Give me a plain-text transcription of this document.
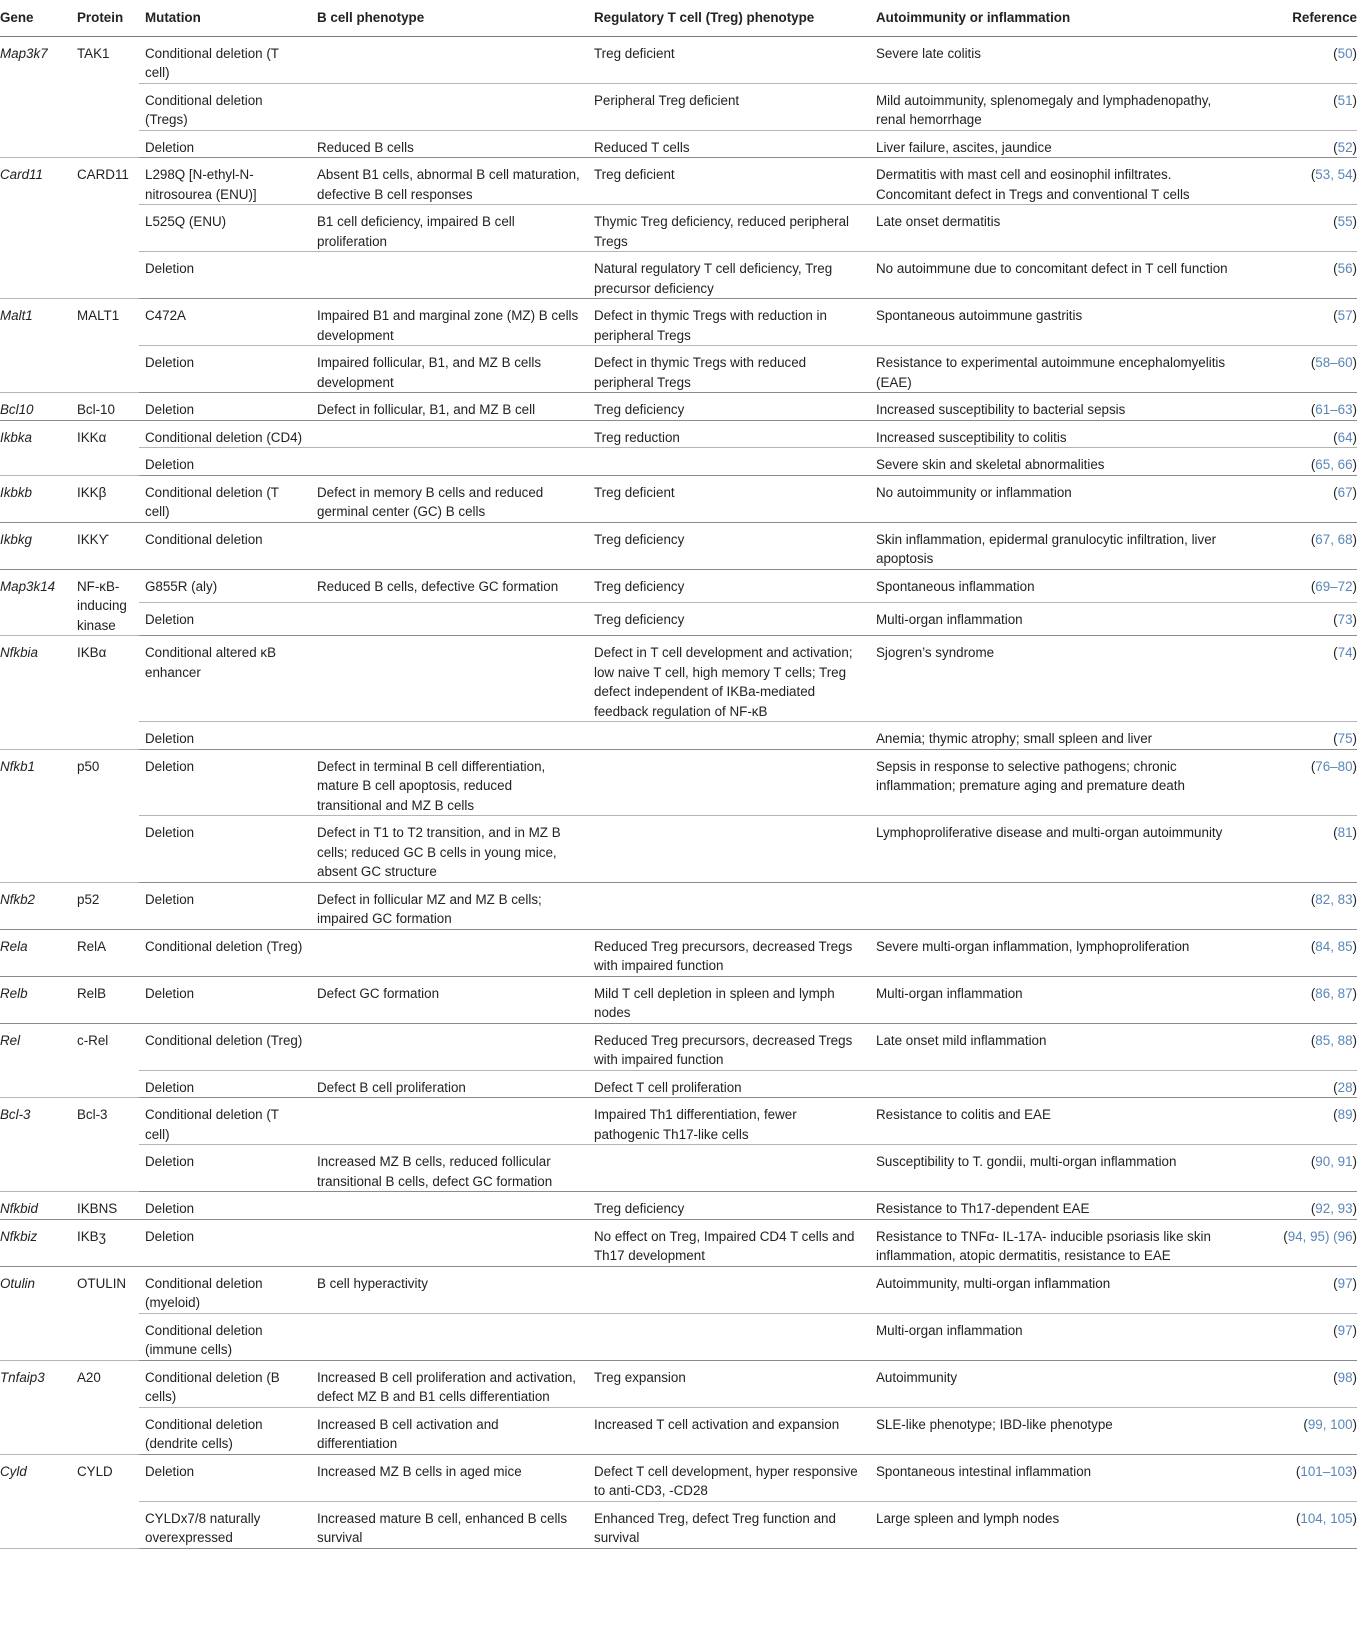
Gene	Protein	Mutation	B cell phenotype	Regulatory T cell (Treg) phenotype	Autoimmunity or inflammation	Reference
Map3k7	TAK1	Conditional deletion (T cell)		Treg deficient	Severe late colitis	(50)
		Conditional deletion (Tregs)		Peripheral Treg deficient	Mild autoimmunity, splenomegaly and lymphadenopathy, renal hemorrhage	(51)
		Deletion	Reduced B cells	Reduced T cells	Liver failure, ascites, jaundice	(52)
Card11	CARD11	L298Q [N-ethyl-N-nitrosourea (ENU)]	Absent B1 cells, abnormal B cell maturation, defective B cell responses	Treg deficient	Dermatitis with mast cell and eosinophil infiltrates. Concomitant defect in Tregs and conventional T cells	(53, 54)
		L525Q (ENU)	B1 cell deficiency, impaired B cell proliferation	Thymic Treg deficiency, reduced peripheral Tregs	Late onset dermatitis	(55)
		Deletion		Natural regulatory T cell deficiency, Treg precursor deficiency	No autoimmune due to concomitant defect in T cell function	(56)
Malt1	MALT1	C472A	Impaired B1 and marginal zone (MZ) B cells development	Defect in thymic Tregs with reduction in peripheral Tregs	Spontaneous autoimmune gastritis	(57)
		Deletion	Impaired follicular, B1, and MZ B cells development	Defect in thymic Tregs with reduced peripheral Tregs	Resistance to experimental autoimmune encephalomyelitis (EAE)	(58–60)
Bcl10	Bcl-10	Deletion	Defect in follicular, B1, and MZ B cell	Treg deficiency	Increased susceptibility to bacterial sepsis	(61–63)
Ikbka	IKKα	Conditional deletion (CD4)		Treg reduction	Increased susceptibility to colitis	(64)
		Deletion			Severe skin and skeletal abnormalities	(65, 66)
Ikbkb	IKKβ	Conditional deletion (T cell)	Defect in memory B cells and reduced germinal center (GC) B cells	Treg deficient	No autoimmunity or inflammation	(67)
Ikbkg	IKKϒ	Conditional deletion		Treg deficiency	Skin inflammation, epidermal granulocytic infiltration, liver apoptosis	(67, 68)
Map3k14	NF-κB-inducing kinase	G855R (aly)	Reduced B cells, defective GC formation	Treg deficiency	Spontaneous inflammation	(69–72)
		Deletion		Treg deficiency	Multi-organ inflammation	(73)
Nfkbia	IKBα	Conditional altered κB enhancer		Defect in T cell development and activation; low naive T cell, high memory T cells; Treg defect independent of IKBa-mediated feedback regulation of NF-κB	Sjogren’s syndrome	(74)
		Deletion			Anemia; thymic atrophy; small spleen and liver	(75)
Nfkb1	p50	Deletion	Defect in terminal B cell differentiation, mature B cell apoptosis, reduced transitional and MZ B cells		Sepsis in response to selective pathogens; chronic inflammation; premature aging and premature death	(76–80)
		Deletion	Defect in T1 to T2 transition, and in MZ B cells; reduced GC B cells in young mice, absent GC structure		Lymphoproliferative disease and multi-organ autoimmunity	(81)
Nfkb2	p52	Deletion	Defect in follicular MZ and MZ B cells; impaired GC formation			(82, 83)
Rela	RelA	Conditional deletion (Treg)		Reduced Treg precursors, decreased Tregs with impaired function	Severe multi-organ inflammation, lymphoproliferation	(84, 85)
Relb	RelB	Deletion	Defect GC formation	Mild T cell depletion in spleen and lymph nodes	Multi-organ inflammation	(86, 87)
Rel	c-Rel	Conditional deletion (Treg)		Reduced Treg precursors, decreased Tregs with impaired function	Late onset mild inflammation	(85, 88)
		Deletion	Defect B cell proliferation	Defect T cell proliferation		(28)
Bcl-3	Bcl-3	Conditional deletion (T cell)		Impaired Th1 differentiation, fewer pathogenic Th17-like cells	Resistance to colitis and EAE	(89)
		Deletion	Increased MZ B cells, reduced follicular transitional B cells, defect GC formation		Susceptibility to T. gondii, multi-organ inflammation	(90, 91)
Nfkbid	IKBNS	Deletion		Treg deficiency	Resistance to Th17-dependent EAE	(92, 93)
Nfkbiz	IKBʒ	Deletion		No effect on Treg, Impaired CD4 T cells and Th17 development	Resistance to TNFα- IL-17A- inducible psoriasis like skin inflammation, atopic dermatitis, resistance to EAE	(94, 95) (96)
Otulin	OTULIN	Conditional deletion (myeloid)	B cell hyperactivity		Autoimmunity, multi-organ inflammation	(97)
		Conditional deletion (immune cells)			Multi-organ inflammation	(97)
Tnfaip3	A20	Conditional deletion (B cells)	Increased B cell proliferation and activation, defect MZ B and B1 cells differentiation	Treg expansion	Autoimmunity	(98)
		Conditional deletion (dendrite cells)	Increased B cell activation and differentiation	Increased T cell activation and expansion	SLE-like phenotype; IBD-like phenotype	(99, 100)
Cyld	CYLD	Deletion	Increased MZ B cells in aged mice	Defect T cell development, hyper responsive to anti-CD3, -CD28	Spontaneous intestinal inflammation	(101–103)
		CYLDx7/8 naturally overexpressed	Increased mature B cell, enhanced B cells survival	Enhanced Treg, defect Treg function and survival	Large spleen and lymph nodes	(104, 105)
